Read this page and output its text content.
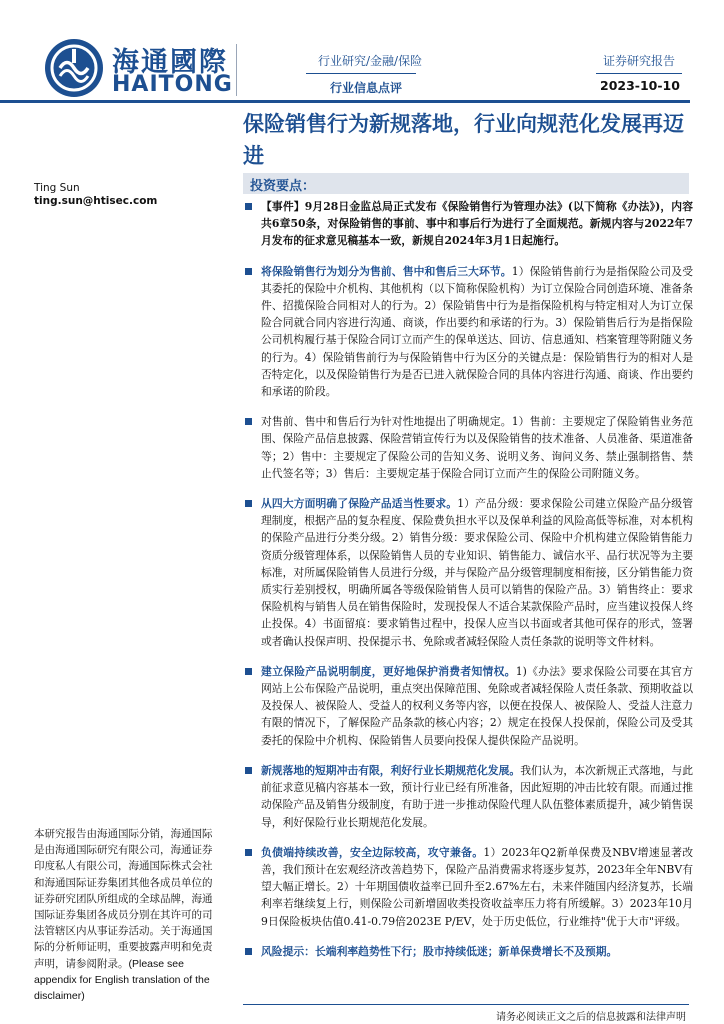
海通國際
HAITONG
行业研究/金融/保险
行业信息点评
证券研究报告
2023-10-10
保险销售行为新规落地，行业向规范化发展再迈进
Ting Sun
ting.sun@htisec.com
投资要点：
【事件】9月28日金监总局正式发布《保险销售行为管理办法》(以下简称《办法》)，内容共6章50条，对保险销售的事前、事中和事后行为进行了全面规范。新规内容与2022年7月发布的征求意见稿基本一致，新规自2024年3月1日起施行。
将保险销售行为划分为售前、售中和售后三大环节。1）保险销售前行为是指保险公司及受其委托的保险中介机构、其他机构（以下简称保险机构）为订立保险合同创造环境、准备条件、招揽保险合同相对人的行为。2）保险销售中行为是指保险机构与特定相对人为订立保险合同就合同内容进行沟通、商谈，作出要约和承诺的行为。3）保险销售后行为是指保险公司机构履行基于保险合同订立而产生的保单送达、回访、信息通知、档案管理等附随义务的行为。4）保险销售前行为与保险销售中行为区分的关键点是：保险销售行为的相对人是否特定化，以及保险销售行为是否已进入就保险合同的具体内容进行沟通、商谈、作出要约和承诺的阶段。
对售前、售中和售后行为针对性地提出了明确规定。1）售前：主要规定了保险销售业务范围、保险产品信息披露、保险营销宣传行为以及保险销售的技术准备、人员准备、渠道准备等；2）售中：主要规定了保险公司的告知义务、说明义务、询问义务、禁止强制搭售、禁止代签名等；3）售后：主要规定基于保险合同订立而产生的保险公司附随义务。
从四大方面明确了保险产品适当性要求。1）产品分级：要求保险公司建立保险产品分级管理制度，根据产品的复杂程度、保险费负担水平以及保单利益的风险高低等标准，对本机构的保险产品进行分类分级。2）销售分级：要求保险公司、保险中介机构建立保险销售能力资质分级管理体系，以保险销售人员的专业知识、销售能力、诚信水平、品行状况等为主要标准，对所属保险销售人员进行分级，并与保险产品分级管理制度相衔接，区分销售能力资质实行差别授权，明确所属各等级保险销售人员可以销售的保险产品。3）销售终止：要求保险机构与销售人员在销售保险时，发现投保人不适合某款保险产品时，应当建议投保人终止投保。4）书面留痕：要求销售过程中，投保人应当以书面或者其他可保存的形式，签署或者确认投保声明、投保提示书、免除或者减轻保险人责任条款的说明等文件材料。
建立保险产品说明制度，更好地保护消费者知情权。1)《办法》要求保险公司要在其官方网站上公布保险产品说明，重点突出保障范围、免除或者减轻保险人责任条款、预期收益以及投保人、被保险人、受益人的权利义务等内容，以便在投保人、被保险人、受益人注意力有限的情况下，了解保险产品条款的核心内容；2）规定在投保人投保前，保险公司及受其委托的保险中介机构、保险销售人员要向投保人提供保险产品说明。
新规落地的短期冲击有限，利好行业长期规范化发展。我们认为，本次新规正式落地，与此前征求意见稿内容基本一致，预计行业已经有所准备，因此短期的冲击比较有限。而通过推动保险产品及销售分级制度，有助于进一步推动保险代理人队伍整体素质提升，减少销售误导，利好保险行业长期规范化发展。
负债端持续改善，安全边际较高，攻守兼备。1）2023年Q2新单保费及NBV增速显著改善，我们预计在宏观经济改善趋势下，保险产品消费需求将逐步复苏，2023年全年NBV有望大幅正增长。2）十年期国债收益率已回升至2.67%左右，未来伴随国内经济复苏，长端利率若继续复上行，则保险公司新增固收类投资收益率压力将有所缓解。3）2023年10月9日保险板块估值0.41-0.79倍2023E P/EV，处于历史低位，行业维持"优于大市"评级。
风险提示：长端利率趋势性下行；股市持续低迷；新单保费增长不及预期。
本研究报告由海通国际分销，海通国际是由海通国际研究有限公司，海通证券印度私人有限公司，海通国际株式会社和海通国际证券集团其他各成员单位的证券研究团队所组成的全球品牌，海通国际证券集团各成员分别在其许可的司法管辖区内从事证券活动。关于海通国际的分析师证明，重要披露声明和免责声明，请参阅附录。(Please see appendix for English translation of the disclaimer)
请务必阅读正文之后的信息披露和法律声明
